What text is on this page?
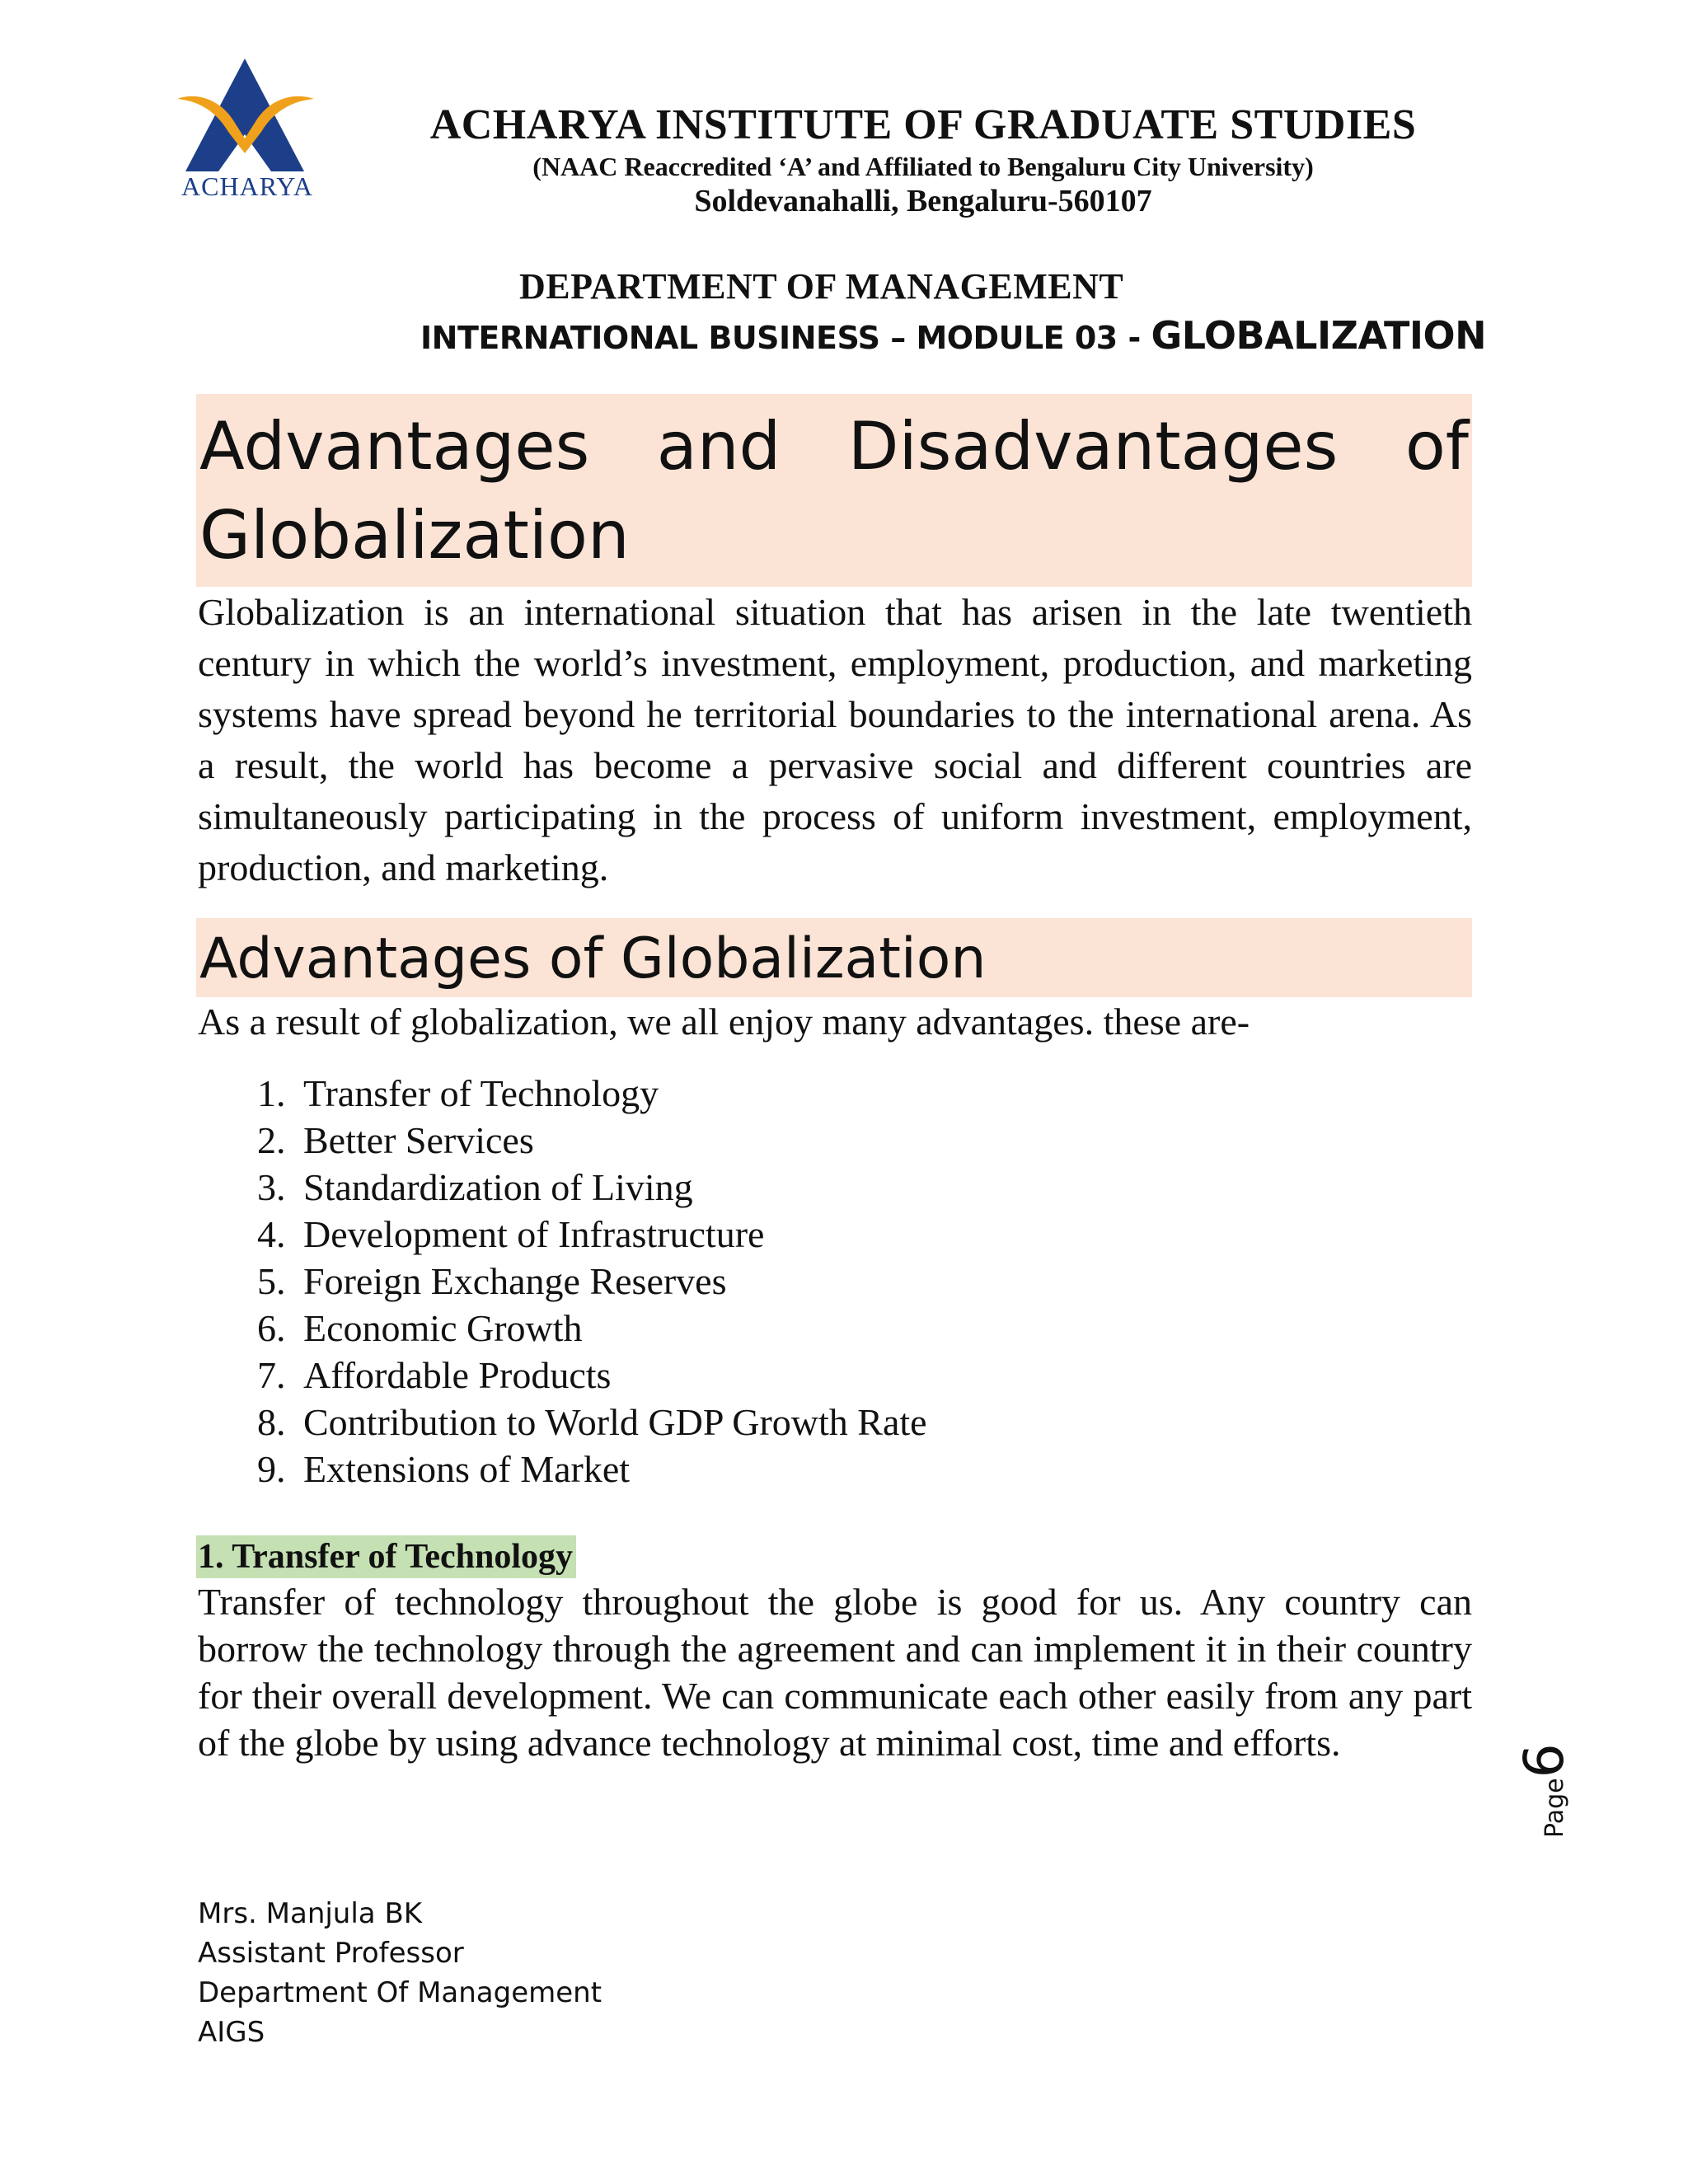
ACHARYA
ACHARYA INSTITUTE OF GRADUATE STUDIES
(NAAC Reaccredited ‘A’ and Affiliated to Bengaluru City University)
Soldevanahalli, Bengaluru-560107
DEPARTMENT OF MANAGEMENT
INTERNATIONAL BUSINESS – MODULE 03 - GLOBALIZATION
Advantages and Disadvantages of
Globalization

Globalization is an international situation that has arisen in the late twentieth century in which the world’s investment, employment, production, and marketing systems have spread beyond he territorial boundaries to the international arena. As a result, the world has become a pervasive social and different countries are simultaneously participating in the process of uniform investment, employment, production, and marketing.

Advantages of Globalization

As a result of globalization, we all enjoy many advantages. these are-

1. Transfer of Technology
2. Better Services
3. Standardization of Living
4. Development of Infrastructure
5. Foreign Exchange Reserves
6. Economic Growth
7. Affordable Products
8. Contribution to World GDP Growth Rate
9. Extensions of Market
1. Transfer of Technology

Transfer of technology throughout the globe is good for us. Any country can borrow the technology through the agreement and can implement it in their country for their overall development. We can communicate each other easily from any part of the globe by using advance technology at minimal cost, time and efforts.

Page6
Mrs. Manjula BK
Assistant Professor
Department Of Management
AIGS
